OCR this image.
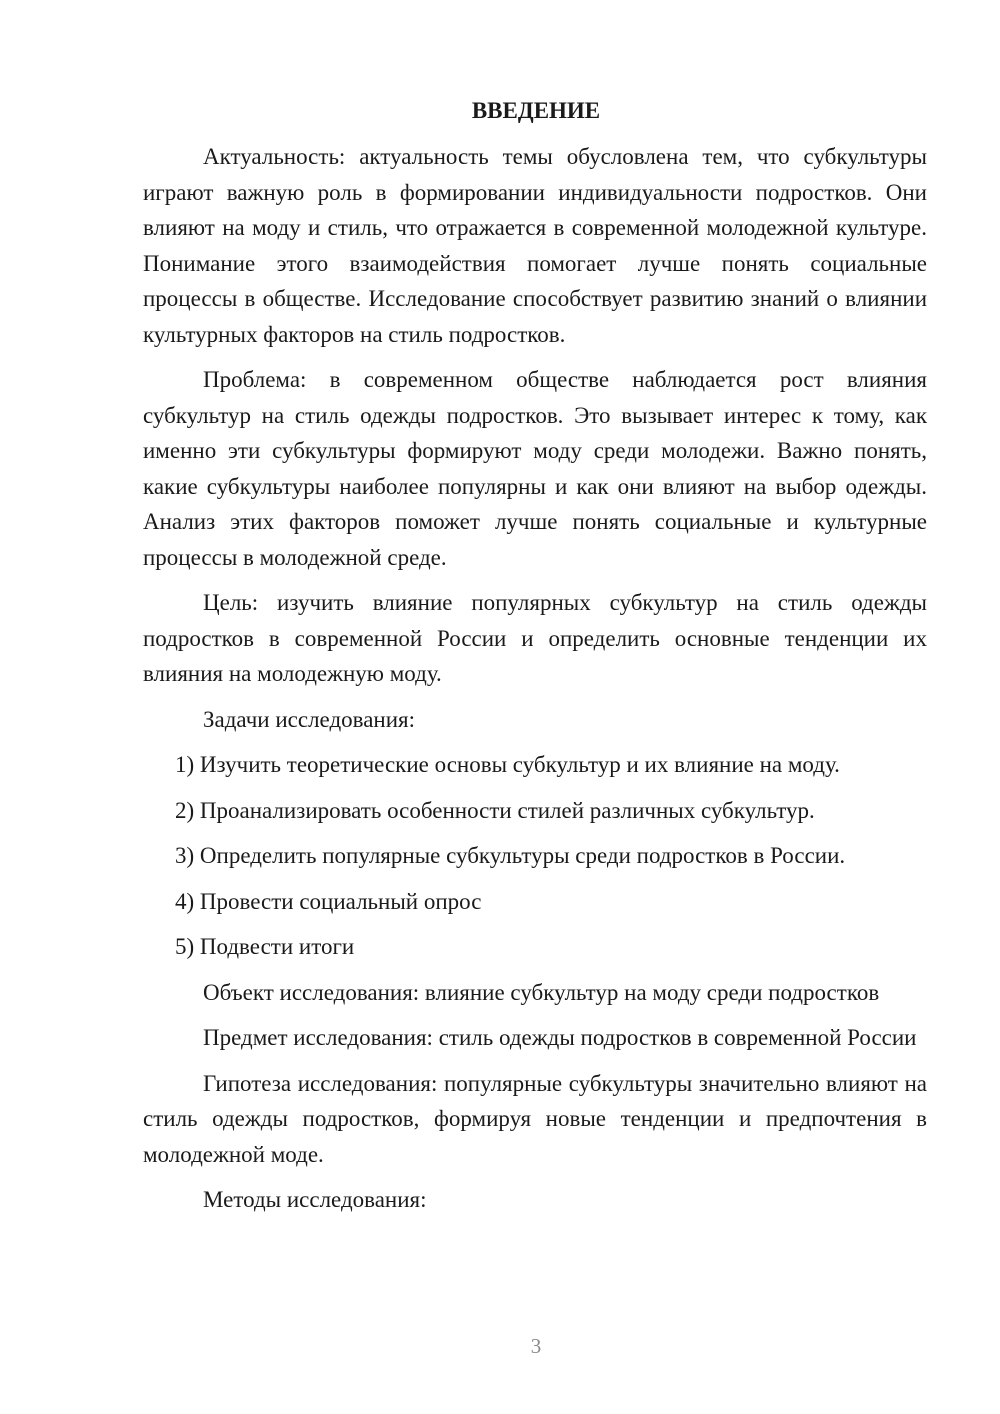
ВВЕДЕНИЕ

Актуальность: актуальность темы обусловлена тем, что субкультуры играют важную роль в формировании индивидуальности подростков. Они влияют на моду и стиль, что отражается в современной молодежной культуре. Понимание этого взаимодействия помогает лучше понять социальные процессы в обществе. Исследование способствует развитию знаний о влиянии культурных факторов на стиль подростков.

Проблема: в современном обществе наблюдается рост влияния субкультур на стиль одежды подростков. Это вызывает интерес к тому, как именно эти субкультуры формируют моду среди молодежи. Важно понять, какие субкультуры наиболее популярны и как они влияют на выбор одежды. Анализ этих факторов поможет лучше понять социальные и культурные процессы в молодежной среде.

Цель: изучить влияние популярных субкультур на стиль одежды подростков в современной России и определить основные тенденции их влияния на молодежную моду.

Задачи исследования:

1) Изучить теоретические основы субкультур и их влияние на моду.
2) Проанализировать особенности стилей различных субкультур.
3) Определить популярные субкультуры среди подростков в России.
4) Провести социальный опрос
5) Подвести итоги

Объект исследования: влияние субкультур на моду среди подростков

Предмет исследования: стиль одежды подростков в современной России

Гипотеза исследования: популярные субкультуры значительно влияют на стиль одежды подростков, формируя новые тенденции и предпочтения в молодежной моде.

Методы исследования:

3
